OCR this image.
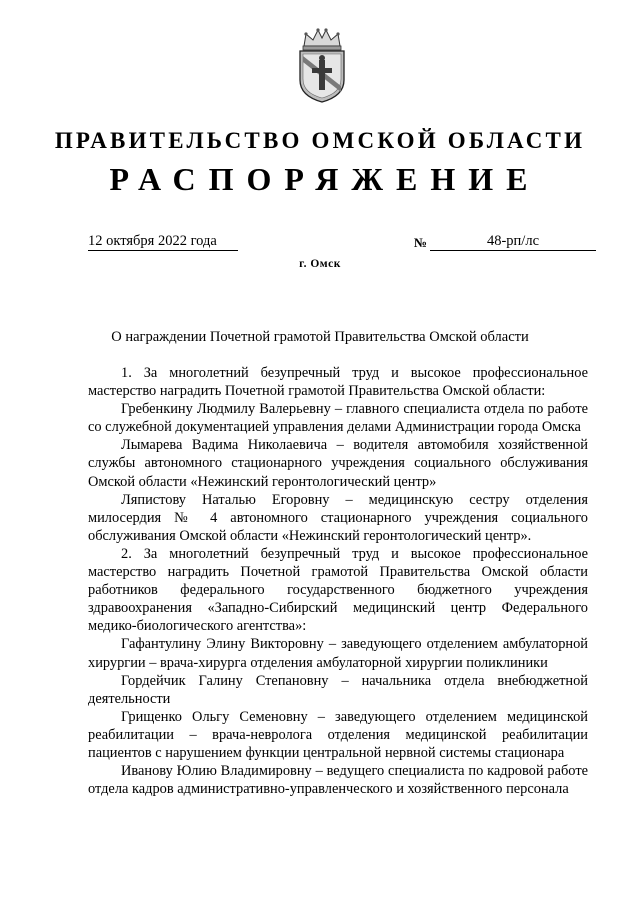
ПРАВИТЕЛЬСТВО ОМСКОЙ ОБЛАСТИ
РАСПОРЯЖЕНИЕ
12 октября 2022 года	№	48-рп/лс
г. Омск
О награждении Почетной грамотой Правительства Омской области

1. За многолетний безупречный труд и высокое профессиональное мастерство наградить Почетной грамотой Правительства Омской области:

Гребенкину Людмилу Валерьевну – главного специалиста отдела по работе со служебной документацией управления делами Администрации города Омска

Лымарева Вадима Николаевича – водителя автомобиля хозяйственной службы автономного стационарного учреждения социального обслуживания Омской области «Нежинский геронтологический центр»

Ляпистову Наталью Егоровну – медицинскую сестру отделения милосердия № 4 автономного стационарного учреждения социального обслуживания Омской области «Нежинский геронтологический центр».

2. За многолетний безупречный труд и высокое профессиональное мастерство наградить Почетной грамотой Правительства Омской области работников федерального государственного бюджетного учреждения здравоохранения «Западно-Сибирский медицинский центр Федерального медико-биологического агентства»:

Гафантулину Элину Викторовну – заведующего отделением амбулаторной хирургии – врача-хирурга отделения амбулаторной хирургии поликлиники

Гордейчик Галину Степановну – начальника отдела внебюджетной деятельности

Грищенко Ольгу Семеновну – заведующего отделением медицинской реабилитации – врача-невролога отделения медицинской реабилитации пациентов с нарушением функции центральной нервной системы стационара

Иванову Юлию Владимировну – ведущего специалиста по кадровой работе отдела кадров административно-управленческого и хозяйственного персонала
